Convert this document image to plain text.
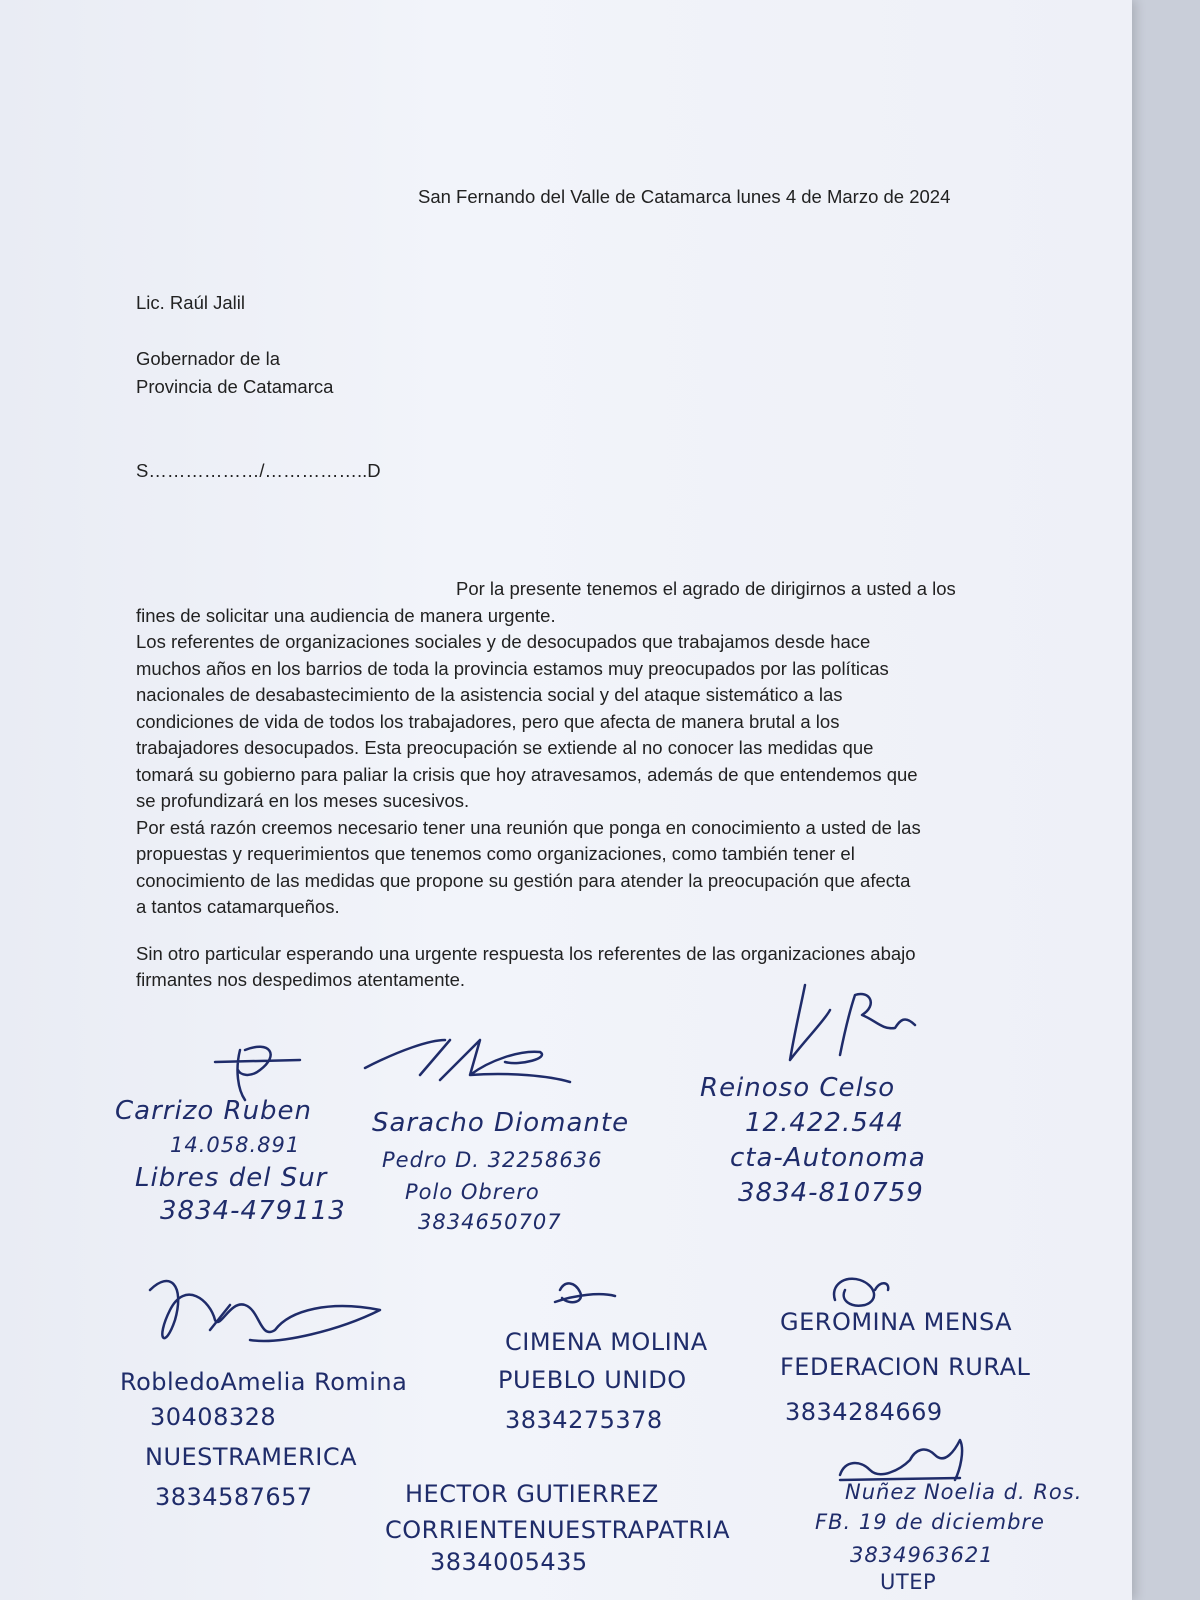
San Fernando del Valle de Catamarca lunes 4 de Marzo de 2024
Lic. Raúl Jalil
Gobernador de la
Provincia de Catamarca
S………………/……………..D
Por la presente tenemos el agrado de dirigirnos a usted a los
fines de solicitar una audiencia de manera urgente.
Los referentes de organizaciones sociales y de desocupados que trabajamos desde hace
muchos años en los barrios de toda la provincia estamos muy preocupados por las políticas
nacionales de desabastecimiento de la asistencia social y del ataque sistemático a las
condiciones de vida de todos los trabajadores, pero que afecta de manera brutal a los
trabajadores desocupados. Esta preocupación se extiende al no conocer las medidas que
tomará su gobierno para paliar la crisis que hoy atravesamos, además de que entendemos que
se profundizará en los meses sucesivos.
Por está razón creemos necesario tener una reunión que ponga en conocimiento a usted de las
propuestas y requerimientos que tenemos como organizaciones, como también tener el
conocimiento de las medidas que propone su gestión para atender la preocupación que afecta
a tantos catamarqueños.
Sin otro particular esperando una urgente respuesta los referentes de las organizaciones abajo
firmantes nos despedimos atentamente.
Carrizo Ruben
14.058.891
Libres del Sur
3834-479113
Saracho Diomante
Pedro D. 32258636
Polo Obrero
3834650707
Reinoso Celso
12.422.544
cta-Autonoma
3834-810759
RobledoAmelia Romina
30408328
NUESTRAMERICA
3834587657
CIMENA MOLINA
PUEBLO UNIDO
3834275378
GEROMINA MENSA
FEDERACION RURAL
3834284669
HECTOR GUTIERREZ
CORRIENTENUESTRAPATRIA
3834005435
Nuñez Noelia d. Ros.
FB. 19 de diciembre
3834963621
UTEP
